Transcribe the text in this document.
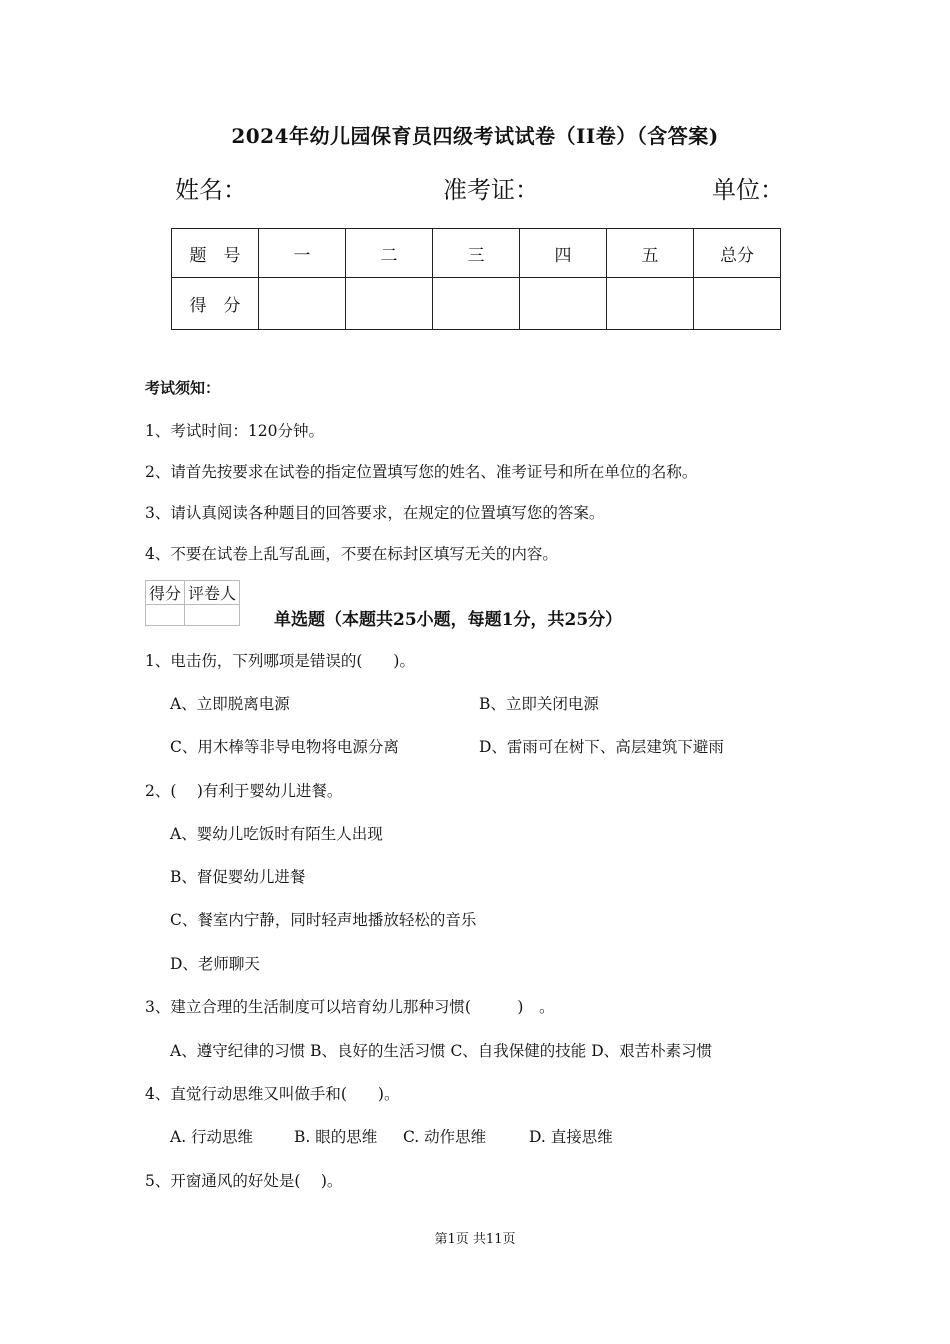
2024年幼儿园保育员四级考试试卷（II卷）（含答案)
姓名：	准考证：	单位：
题　号	一	二	三	四	五	总分
得　分						
考试须知：
1、考试时间：120分钟。
2、请首先按要求在试卷的指定位置填写您的姓名、准考证号和所在单位的名称。
3、请认真阅读各种题目的回答要求，在规定的位置填写您的答案。
4、不要在试卷上乱写乱画，不要在标封区填写无关的内容。
得分	评卷人

单选题（本题共25小题，每题1分，共25分）
1、电击伤，下列哪项是错误的(　　)。
A、立即脱离电源	B、立即关闭电源
C、用木棒等非导电物将电源分离	D、雷雨可在树下、高层建筑下避雨
2、(　 )有利于婴幼儿进餐。
A、婴幼儿吃饭时有陌生人出现
B、督促婴幼儿进餐
C、餐室内宁静，同时轻声地播放轻松的音乐
D、老师聊天
3、建立合理的生活制度可以培育幼儿那种习惯(　　　)　。
A、遵守纪律的习惯 B、良好的生活习惯 C、自我保健的技能 D、艰苦朴素习惯
4、直觉行动思维又叫做手和(　　)。
A. 行动思维	B. 眼的思维 C. 动作思维	D. 直接思维
5、开窗通风的好处是(　 )。
第1页 共11页
